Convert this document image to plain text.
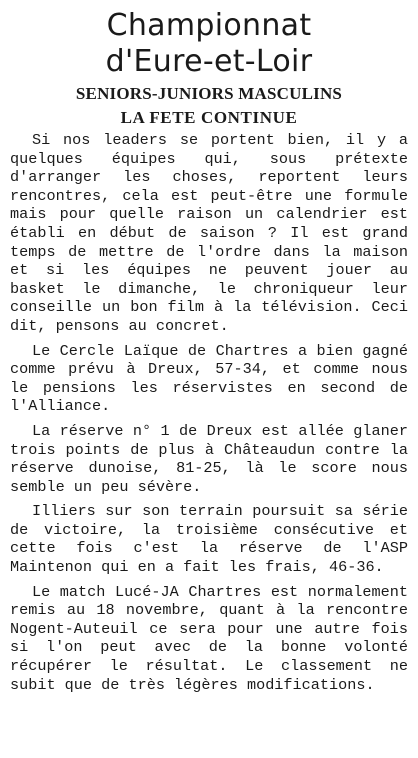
Championnat
d'Eure-et-Loir
SENIORS-JUNIORS MASCULINS
LA FETE CONTINUE

Si nos leaders se portent bien, il y a quelques équipes qui, sous prétexte d'arranger les choses, reportent leurs rencontres, cela est peut-être une formule mais pour quelle raison un calendrier est établi en début de saison ? Il est grand temps de mettre de l'ordre dans la maison et si les équipes ne peuvent jouer au basket le dimanche, le chroniqueur leur conseille un bon film à la télévision. Ceci dit, pensons au concret.

Le Cercle Laïque de Chartres a bien gagné comme prévu à Dreux, 57-34, et comme nous le pensions les réservistes en second de l'Alliance.

La réserve n° 1 de Dreux est allée glaner trois points de plus à Châteaudun contre la réserve dunoise, 81-25, là le score nous semble un peu sévère.

Illiers sur son terrain poursuit sa série de victoire, la troisième consécutive et cette fois c'est la réserve de l'ASP Maintenon qui en a fait les frais, 46-36.

Le match Lucé-JA Chartres est normalement remis au 18 novembre, quant à la rencontre Nogent-Auteuil ce sera pour une autre fois si l'on peut avec de la bonne volonté récupérer le résultat. Le classement ne subit que de très légères modifications.
